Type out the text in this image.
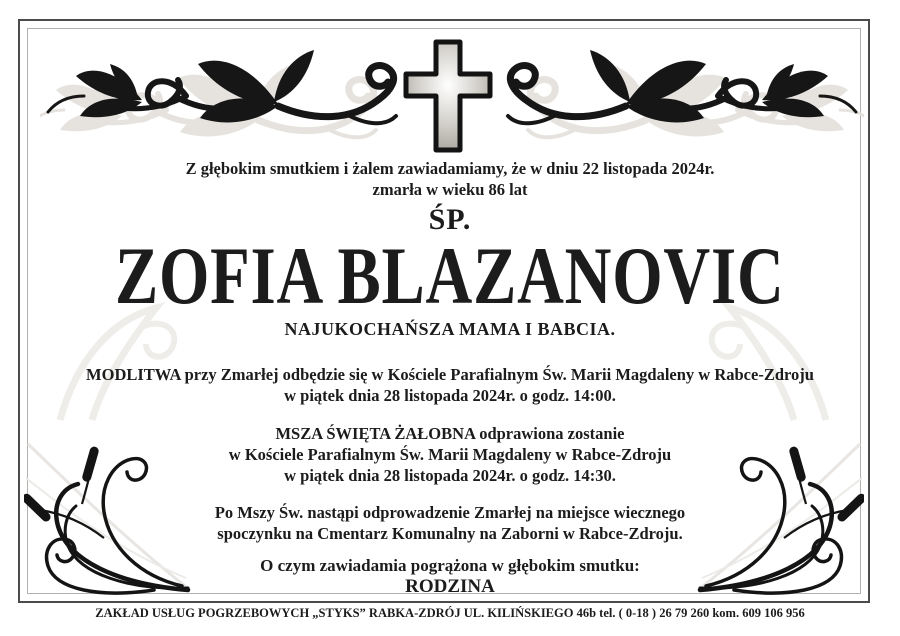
Z głębokim smutkiem i żalem zawiadamiamy, że w dniu 22 listopada 2024r.
zmarła w wieku 86 lat
ŚP.
ZOFIA BLAZANOVIC
NAJUKOCHAŃSZA MAMA I BABCIA.
MODLITWA przy Zmarłej odbędzie się w Kościele Parafialnym Św. Marii Magdaleny w Rabce-Zdroju
w piątek dnia 28 listopada 2024r. o godz. 14:00.
MSZA ŚWIĘTA ŻAŁOBNA odprawiona zostanie
w Kościele Parafialnym Św. Marii Magdaleny w Rabce-Zdroju
w piątek dnia 28 listopada 2024r. o godz. 14:30.
Po Mszy Św. nastąpi odprowadzenie Zmarłej na miejsce wiecznego
spoczynku na Cmentarz Komunalny na Zaborni w Rabce-Zdroju.
O czym zawiadamia pogrążona w głębokim smutku:
RODZINA
ZAKŁAD USŁUG POGRZEBOWYCH „STYKS” RABKA-ZDRÓJ UL. KILIŃSKIEGO 46b tel. ( 0-18 ) 26 79 260 kom. 609 106 956
